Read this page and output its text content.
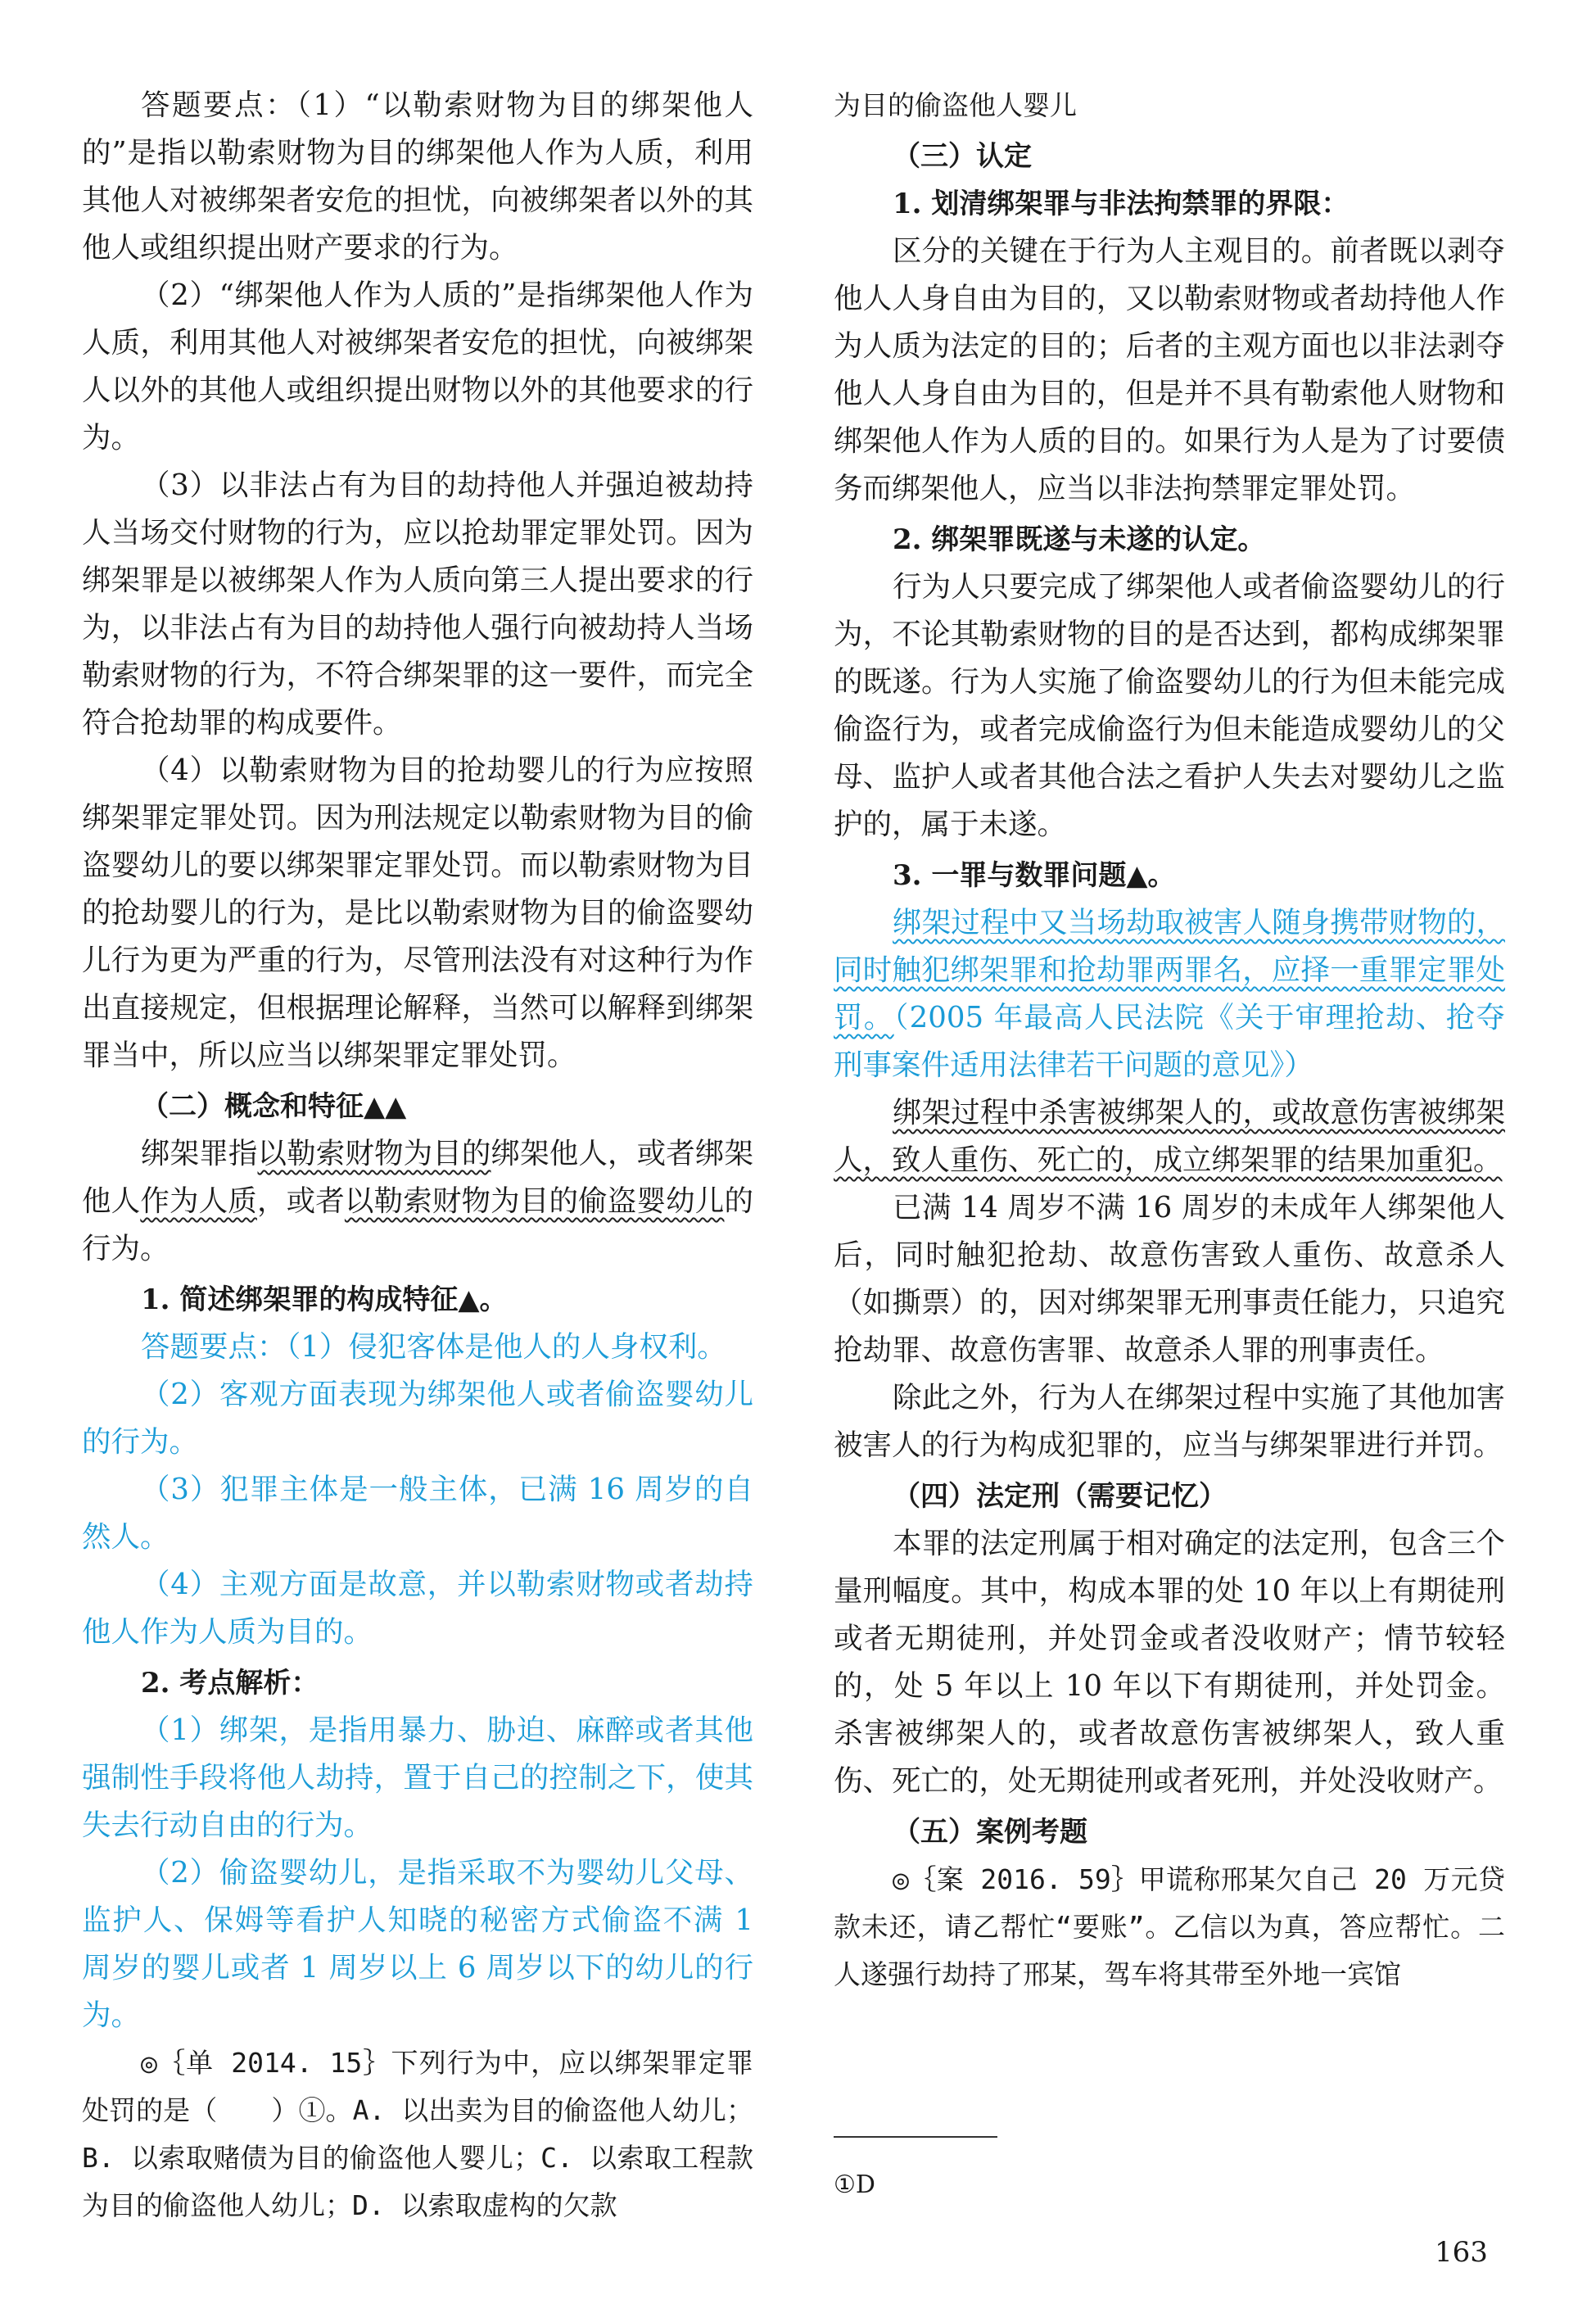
答题要点：（1）“以勒索财物为目的绑架他人的”是指以勒索财物为目的绑架他人作为人质，利用其他人对被绑架者安危的担忧，向被绑架者以外的其他人或组织提出财产要求的行为。

（2）“绑架他人作为人质的”是指绑架他人作为人质，利用其他人对被绑架者安危的担忧，向被绑架人以外的其他人或组织提出财物以外的其他要求的行为。

（3）以非法占有为目的劫持他人并强迫被劫持人当场交付财物的行为，应以抢劫罪定罪处罚。因为绑架罪是以被绑架人作为人质向第三人提出要求的行为，以非法占有为目的劫持他人强行向被劫持人当场勒索财物的行为，不符合绑架罪的这一要件，而完全符合抢劫罪的构成要件。

（4）以勒索财物为目的抢劫婴儿的行为应按照绑架罪定罪处罚。因为刑法规定以勒索财物为目的偷盗婴幼儿的要以绑架罪定罪处罚。而以勒索财物为目的抢劫婴儿的行为，是比以勒索财物为目的偷盗婴幼儿行为更为严重的行为，尽管刑法没有对这种行为作出直接规定，但根据理论解释，当然可以解释到绑架罪当中，所以应当以绑架罪定罪处罚。

（二）概念和特征▲▲

绑架罪指以勒索财物为目的绑架他人，或者绑架他人作为人质，或者以勒索财物为目的偷盗婴幼儿的行为。

1. 简述绑架罪的构成特征▲。

答题要点：（1）侵犯客体是他人的人身权利。

（2）客观方面表现为绑架他人或者偷盗婴幼儿的行为。

（3）犯罪主体是一般主体，已满 16 周岁的自然人。

（4）主观方面是故意，并以勒索财物或者劫持他人作为人质为目的。

2. 考点解析：

（1）绑架，是指用暴力、胁迫、麻醉或者其他强制性手段将他人劫持，置于自己的控制之下，使其失去行动自由的行为。

（2）偷盗婴幼儿，是指采取不为婴幼儿父母、监护人、保姆等看护人知晓的秘密方式偷盗不满 1 周岁的婴儿或者 1 周岁以上 6 周岁以下的幼儿的行为。

◎｛单 2014. 15｝下列行为中，应以绑架罪定罪处罚的是（　　）①。A. 以出卖为目的偷盗他人幼儿；B. 以索取赌债为目的偷盗他人婴儿；C. 以索取工程款为目的偷盗他人幼儿；D. 以索取虚构的欠款

为目的偷盗他人婴儿

（三）认定

1. 划清绑架罪与非法拘禁罪的界限：

区分的关键在于行为人主观目的。前者既以剥夺他人人身自由为目的，又以勒索财物或者劫持他人作为人质为法定的目的；后者的主观方面也以非法剥夺他人人身自由为目的，但是并不具有勒索他人财物和绑架他人作为人质的目的。如果行为人是为了讨要债务而绑架他人，应当以非法拘禁罪定罪处罚。

2. 绑架罪既遂与未遂的认定。

行为人只要完成了绑架他人或者偷盗婴幼儿的行为，不论其勒索财物的目的是否达到，都构成绑架罪的既遂。行为人实施了偷盗婴幼儿的行为但未能完成偷盗行为，或者完成偷盗行为但未能造成婴幼儿的父母、监护人或者其他合法之看护人失去对婴幼儿之监护的，属于未遂。

3. 一罪与数罪问题▲。

绑架过程中又当场劫取被害人随身携带财物的，同时触犯绑架罪和抢劫罪两罪名，应择一重罪定罪处罚。（2005 年最高人民法院《关于审理抢劫、抢夺刑事案件适用法律若干问题的意见》）

绑架过程中杀害被绑架人的，或故意伤害被绑架人，致人重伤、死亡的，成立绑架罪的结果加重犯。

已满 14 周岁不满 16 周岁的未成年人绑架他人后，同时触犯抢劫、故意伤害致人重伤、故意杀人（如撕票）的，因对绑架罪无刑事责任能力，只追究抢劫罪、故意伤害罪、故意杀人罪的刑事责任。

除此之外，行为人在绑架过程中实施了其他加害被害人的行为构成犯罪的，应当与绑架罪进行并罚。

（四）法定刑（需要记忆）

本罪的法定刑属于相对确定的法定刑，包含三个量刑幅度。其中，构成本罪的处 10 年以上有期徒刑或者无期徒刑，并处罚金或者没收财产；情节较轻的，处 5 年以上 10 年以下有期徒刑，并处罚金。杀害被绑架人的，或者故意伤害被绑架人，致人重伤、死亡的，处无期徒刑或者死刑，并处没收财产。

（五）案例考题

◎｛案 2016. 59｝甲谎称邢某欠自己 20 万元贷款未还，请乙帮忙“要账”。乙信以为真，答应帮忙。二人遂强行劫持了邢某，驾车将其带至外地一宾馆

①D
163
